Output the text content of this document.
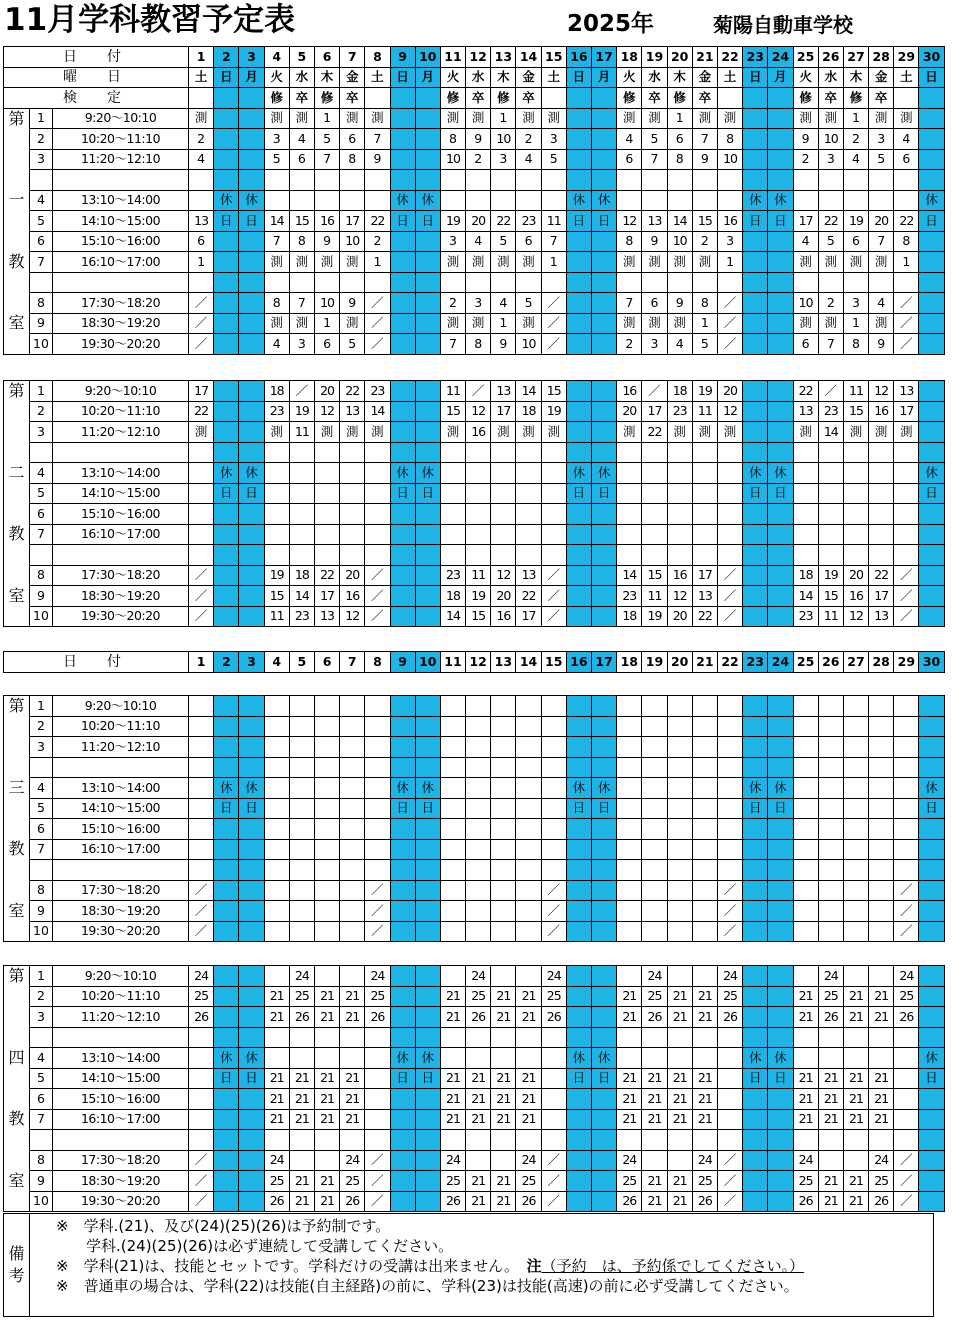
11月学科教習予定表	2025年	菊陽自動車学校
日　付			1	2	3	4	5	6	7	8	9	10	11	12	13	14	15	16	17	18	19	20	21	22	23	24	25	26	27	28	29	30
曜　日			土	日	月	火	水	木	金	土	日	月	火	水	木	金	土	日	月	火	水	木	金	土	日	月	火	水	木	金	土	日
検　定						修	卒	修	卒				修	卒	修	卒				修	卒	修	卒				修	卒	修	卒		
第	1	9:20～10:10	測			測	測	1	測	測			測	測	1	測	測			測	測	1	測	測			測	測	1	測	測	
	2	10:20～11:10	2			3	4	5	6	7			8	9	10	2	3			4	5	6	7	8			9	10	2	3	4	
	3	11:20～12:10	4			5	6	7	8	9			10	2	3	4	5			6	7	8	9	10			2	3	4	5	6	

一	4	13:10～14:00		休	休						休	休						休	休						休	休						休
	5	14:10～15:00	13	日	日	14	15	16	17	22	日	日	19	20	22	23	11	日	日	12	13	14	15	16	日	日	17	22	19	20	22	日
	6	15:10～16:00	6			7	8	9	10	2			3	4	5	6	7			8	9	10	2	3			4	5	6	7	8	
教	7	16:10～17:00	1			測	測	測	測	1			測	測	測	測	1			測	測	測	測	1			測	測	測	測	1	

	8	17:30～18:20	／			8	7	10	9	／			2	3	4	5	／			7	6	9	8	／			10	2	3	4	／	
室	9	18:30～19:20	／			測	測	1	測	／			測	測	1	測	／			測	測	測	1	／			測	測	1	測	／	
	10	19:30～20:20	／			4	3	6	5	／			7	8	9	10	／			2	3	4	5	／			6	7	8	9	／	
第	1	9:20～10:10	17			18	／	20	22	23			11	／	13	14	15			16	／	18	19	20			22	／	11	12	13	
	2	10:20～11:10	22			23	19	12	13	14			15	12	17	18	19			20	17	23	11	12			13	23	15	16	17	
	3	11:20～12:10	測			測	11	測	測	測			測	16	測	測	測			測	22	測	測	測			測	14	測	測	測	

二	4	13:10～14:00		休	休						休	休						休	休						休	休						休
	5	14:10～15:00		日	日						日	日						日	日						日	日						日
	6	15:10～16:00																														
教	7	16:10～17:00																														

	8	17:30～18:20	／			19	18	22	20	／			23	11	12	13	／			14	15	16	17	／			18	19	20	22	／	
室	9	18:30～19:20	／			15	14	17	16	／			18	19	20	22	／			23	11	12	13	／			14	15	16	17	／	
	10	19:30～20:20	／			11	23	13	12	／			14	15	16	17	／			18	19	20	22	／			23	11	12	13	／	
日　付	1	2	3	4	5	6	7	8	9	10	11	12	13	14	15	16	17	18	19	20	21	22	23	24	25	26	27	28	29	30
第	1	9:20～10:10																														
	2	10:20～11:10																														
	3	11:20～12:10																														

三	4	13:10～14:00		休	休						休	休						休	休						休	休						休
	5	14:10～15:00		日	日						日	日						日	日						日	日						日
	6	15:10～16:00																														
教	7	16:10～17:00																														

	8	17:30～18:20	／							／							／							／							／	
室	9	18:30～19:20	／							／							／							／							／	
	10	19:30～20:20	／							／							／							／							／	
第	1	9:20～10:10	24				24			24				24			24				24			24				24			24	
	2	10:20～11:10	25			21	25	21	21	25			21	25	21	21	25			21	25	21	21	25			21	25	21	21	25	
	3	11:20～12:10	26			21	26	21	21	26			21	26	21	21	26			21	26	21	21	26			21	26	21	21	26	

四	4	13:10～14:00		休	休						休	休						休	休						休	休						休
	5	14:10～15:00		日	日	21	21	21	21		日	日	21	21	21	21		日	日	21	21	21	21		日	日	21	21	21	21		日
	6	15:10～16:00				21	21	21	21				21	21	21	21				21	21	21	21				21	21	21	21		
教	7	16:10～17:00				21	21	21	21				21	21	21	21				21	21	21	21				21	21	21	21		

	8	17:30～18:20	／			24			24	／			24			24	／			24			24	／			24			24	／	
室	9	18:30～19:20	／			25	21	21	25	／			25	21	21	25	／			25	21	21	25	／			25	21	21	25	／	
	10	19:30～20:20	／			26	21	21	26	／			26	21	21	26	／			26	21	21	26	／			26	21	21	26	／	
備
考
※　学科.(21)、及び(24)(25)(26)は予約制です。
　　学科.(24)(25)(26)は必ず連続して受講してください。
※　学科(21)は、技能とセットです。学科だけの受講は出来ません。　注（予約　 は、予約係でしてください。）
※　普通車の場合は、学科(22)は技能(自主経路)の前に、学科(23)は技能(高速)の前に必ず受講してください。
